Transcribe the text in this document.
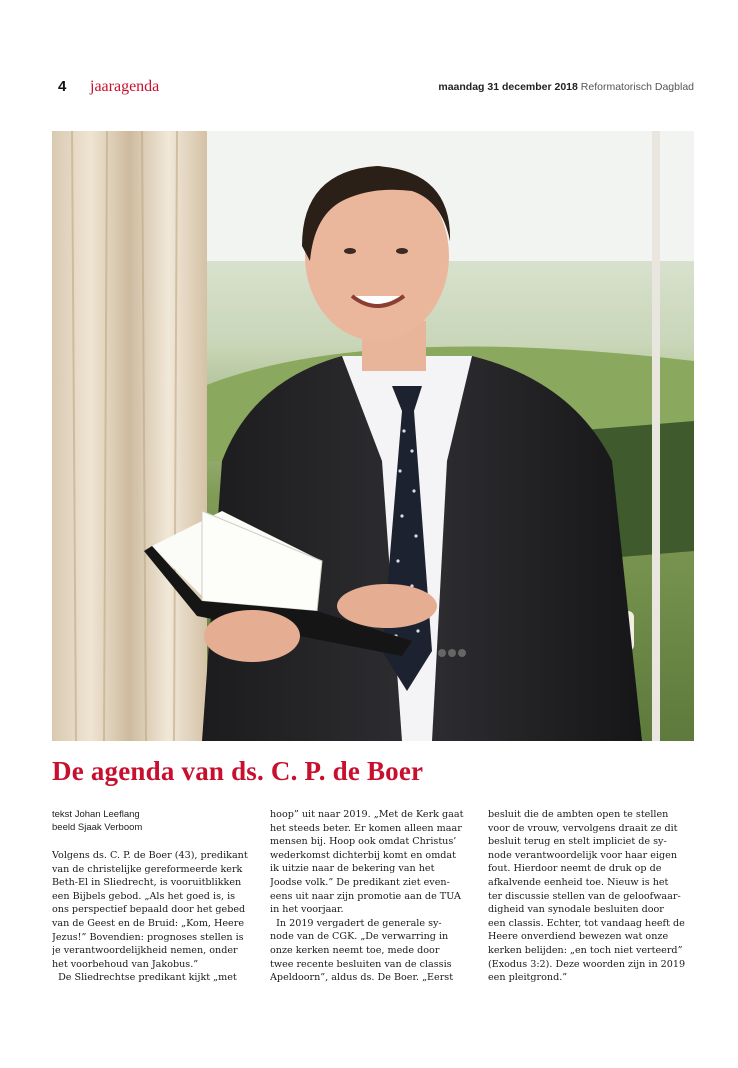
4 jaaragenda	maandag 31 december 2018 Reformatorisch Dagblad
De agenda van ds. C. P. de Boer
tekst Johan Leeflang
beeld Sjaak Verboom
Volgens ds. C. P. de Boer (43), predikant
van de christelijke gereformeerde kerk
Beth-El in Sliedrecht, is vooruitblikken
een Bijbels gebod. „Als het goed is, is
ons perspectief bepaald door het gebed
van de Geest en de Bruid: „Kom, Heere
Jezus!” Bovendien: prognoses stellen is
je verantwoordelijkheid nemen, onder
het voorbehoud van Jakobus.”
De Sliedrechtse predikant kijkt „met
hoop” uit naar 2019. „Met de Kerk gaat
het steeds beter. Er komen alleen maar
mensen bij. Hoop ook omdat Christus’
wederkomst dichterbij komt en omdat
ik uitzie naar de bekering van het
Joodse volk.” De predikant ziet even-
eens uit naar zijn promotie aan de TUA
in het voorjaar.
In 2019 vergadert de generale sy-
node van de CGK. „De verwarring in
onze kerken neemt toe, mede door
twee recente besluiten van de classis
Apeldoorn”, aldus ds. De Boer. „Eerst
besluit die de ambten open te stellen
voor de vrouw, vervolgens draait ze dit
besluit terug en stelt impliciet de sy-
node verantwoordelijk voor haar eigen
fout. Hierdoor neemt de druk op de
afkalvende eenheid toe. Nieuw is het
ter discussie stellen van de geloofwaar-
digheid van synodale besluiten door
een classis. Echter, tot vandaag heeft de
Heere onverdiend bewezen wat onze
kerken belijden: „en toch niet verteerd”
(Exodus 3:2). Deze woorden zijn in 2019
een pleitgrond.”
